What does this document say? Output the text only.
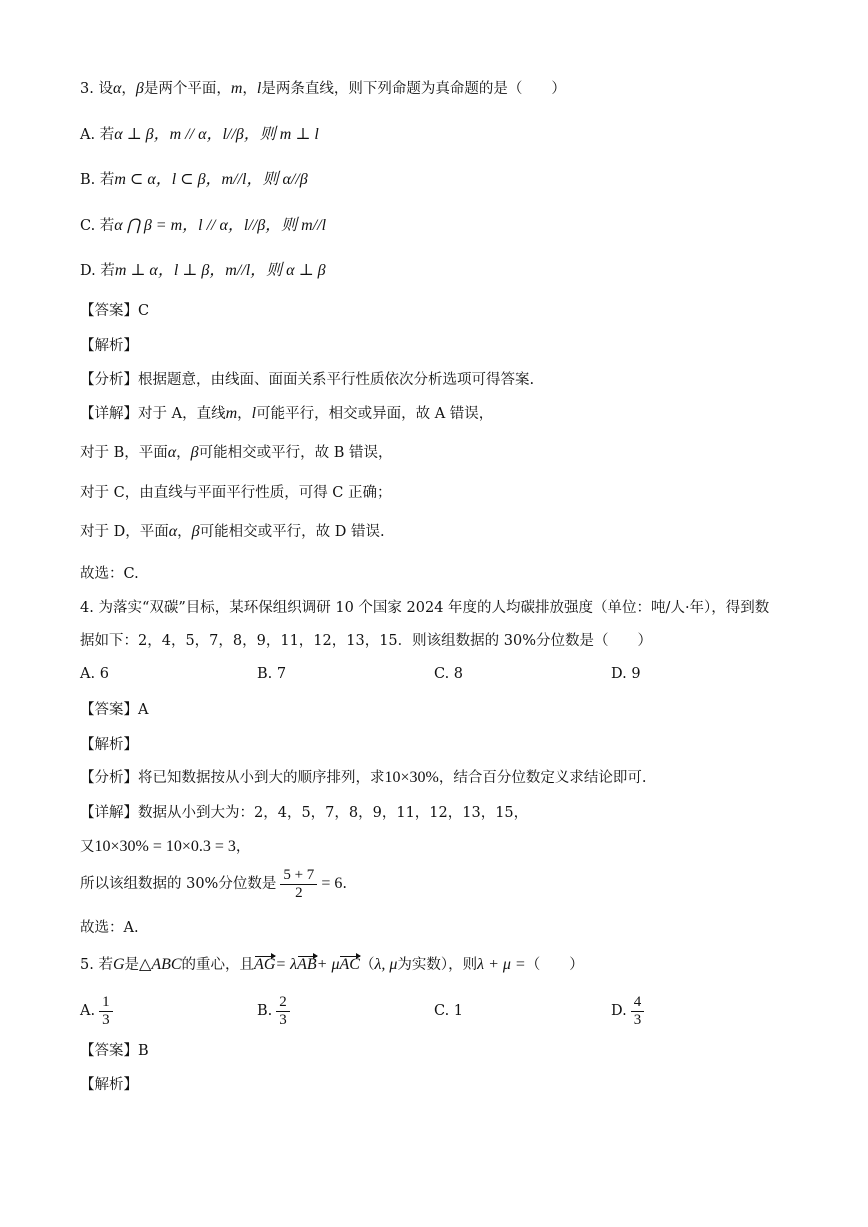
3. 设α，β是两个平面，m，l是两条直线，则下列命题为真命题的是（　　）
A. 若α ⊥ β，m // α，l//β，则 m ⊥ l
B. 若m ⊂ α，l ⊂ β，m//l，则 α//β
C. 若α ⋂ β = m，l // α，l//β，则 m//l
D. 若m ⊥ α，l ⊥ β，m//l，则 α ⊥ β
【答案】C
【解析】
【分析】根据题意，由线面、面面关系平行性质依次分析选项可得答案.
【详解】对于 A，直线m，l可能平行，相交或异面，故 A 错误，
对于 B，平面α，β可能相交或平行，故 B 错误，
对于 C，由直线与平面平行性质，可得 C 正确；
对于 D，平面α，β可能相交或平行，故 D 错误.
故选：C.
4. 为落实“双碳”目标，某环保组织调研 10 个国家 2024 年度的人均碳排放强度（单位：吨/人·年），得到数
据如下：2，4，5，7，8，9，11，12，13，15．则该组数据的 30%分位数是（　　）
A. 6	B. 7	C. 8	D. 9
【答案】A
【解析】
【分析】将已知数据按从小到大的顺序排列，求10×30%，结合百分位数定义求结论即可.
【详解】数据从小到大为：2，4，5，7，8，9，11，12，13，15，
又10×30% = 10×0.3 = 3，
所以该组数据的 30%分位数是 $\frac{5 + 7}{2} = 6$.
故选：A.
5. 若G是△ABC的重心，且AG= λAB+ μAC（λ, μ为实数），则λ + μ =（　　）
A. $\frac{1}{3}$	B. $\frac{2}{3}$	C. 1	D. $\frac{4}{3}$
【答案】B
【解析】
